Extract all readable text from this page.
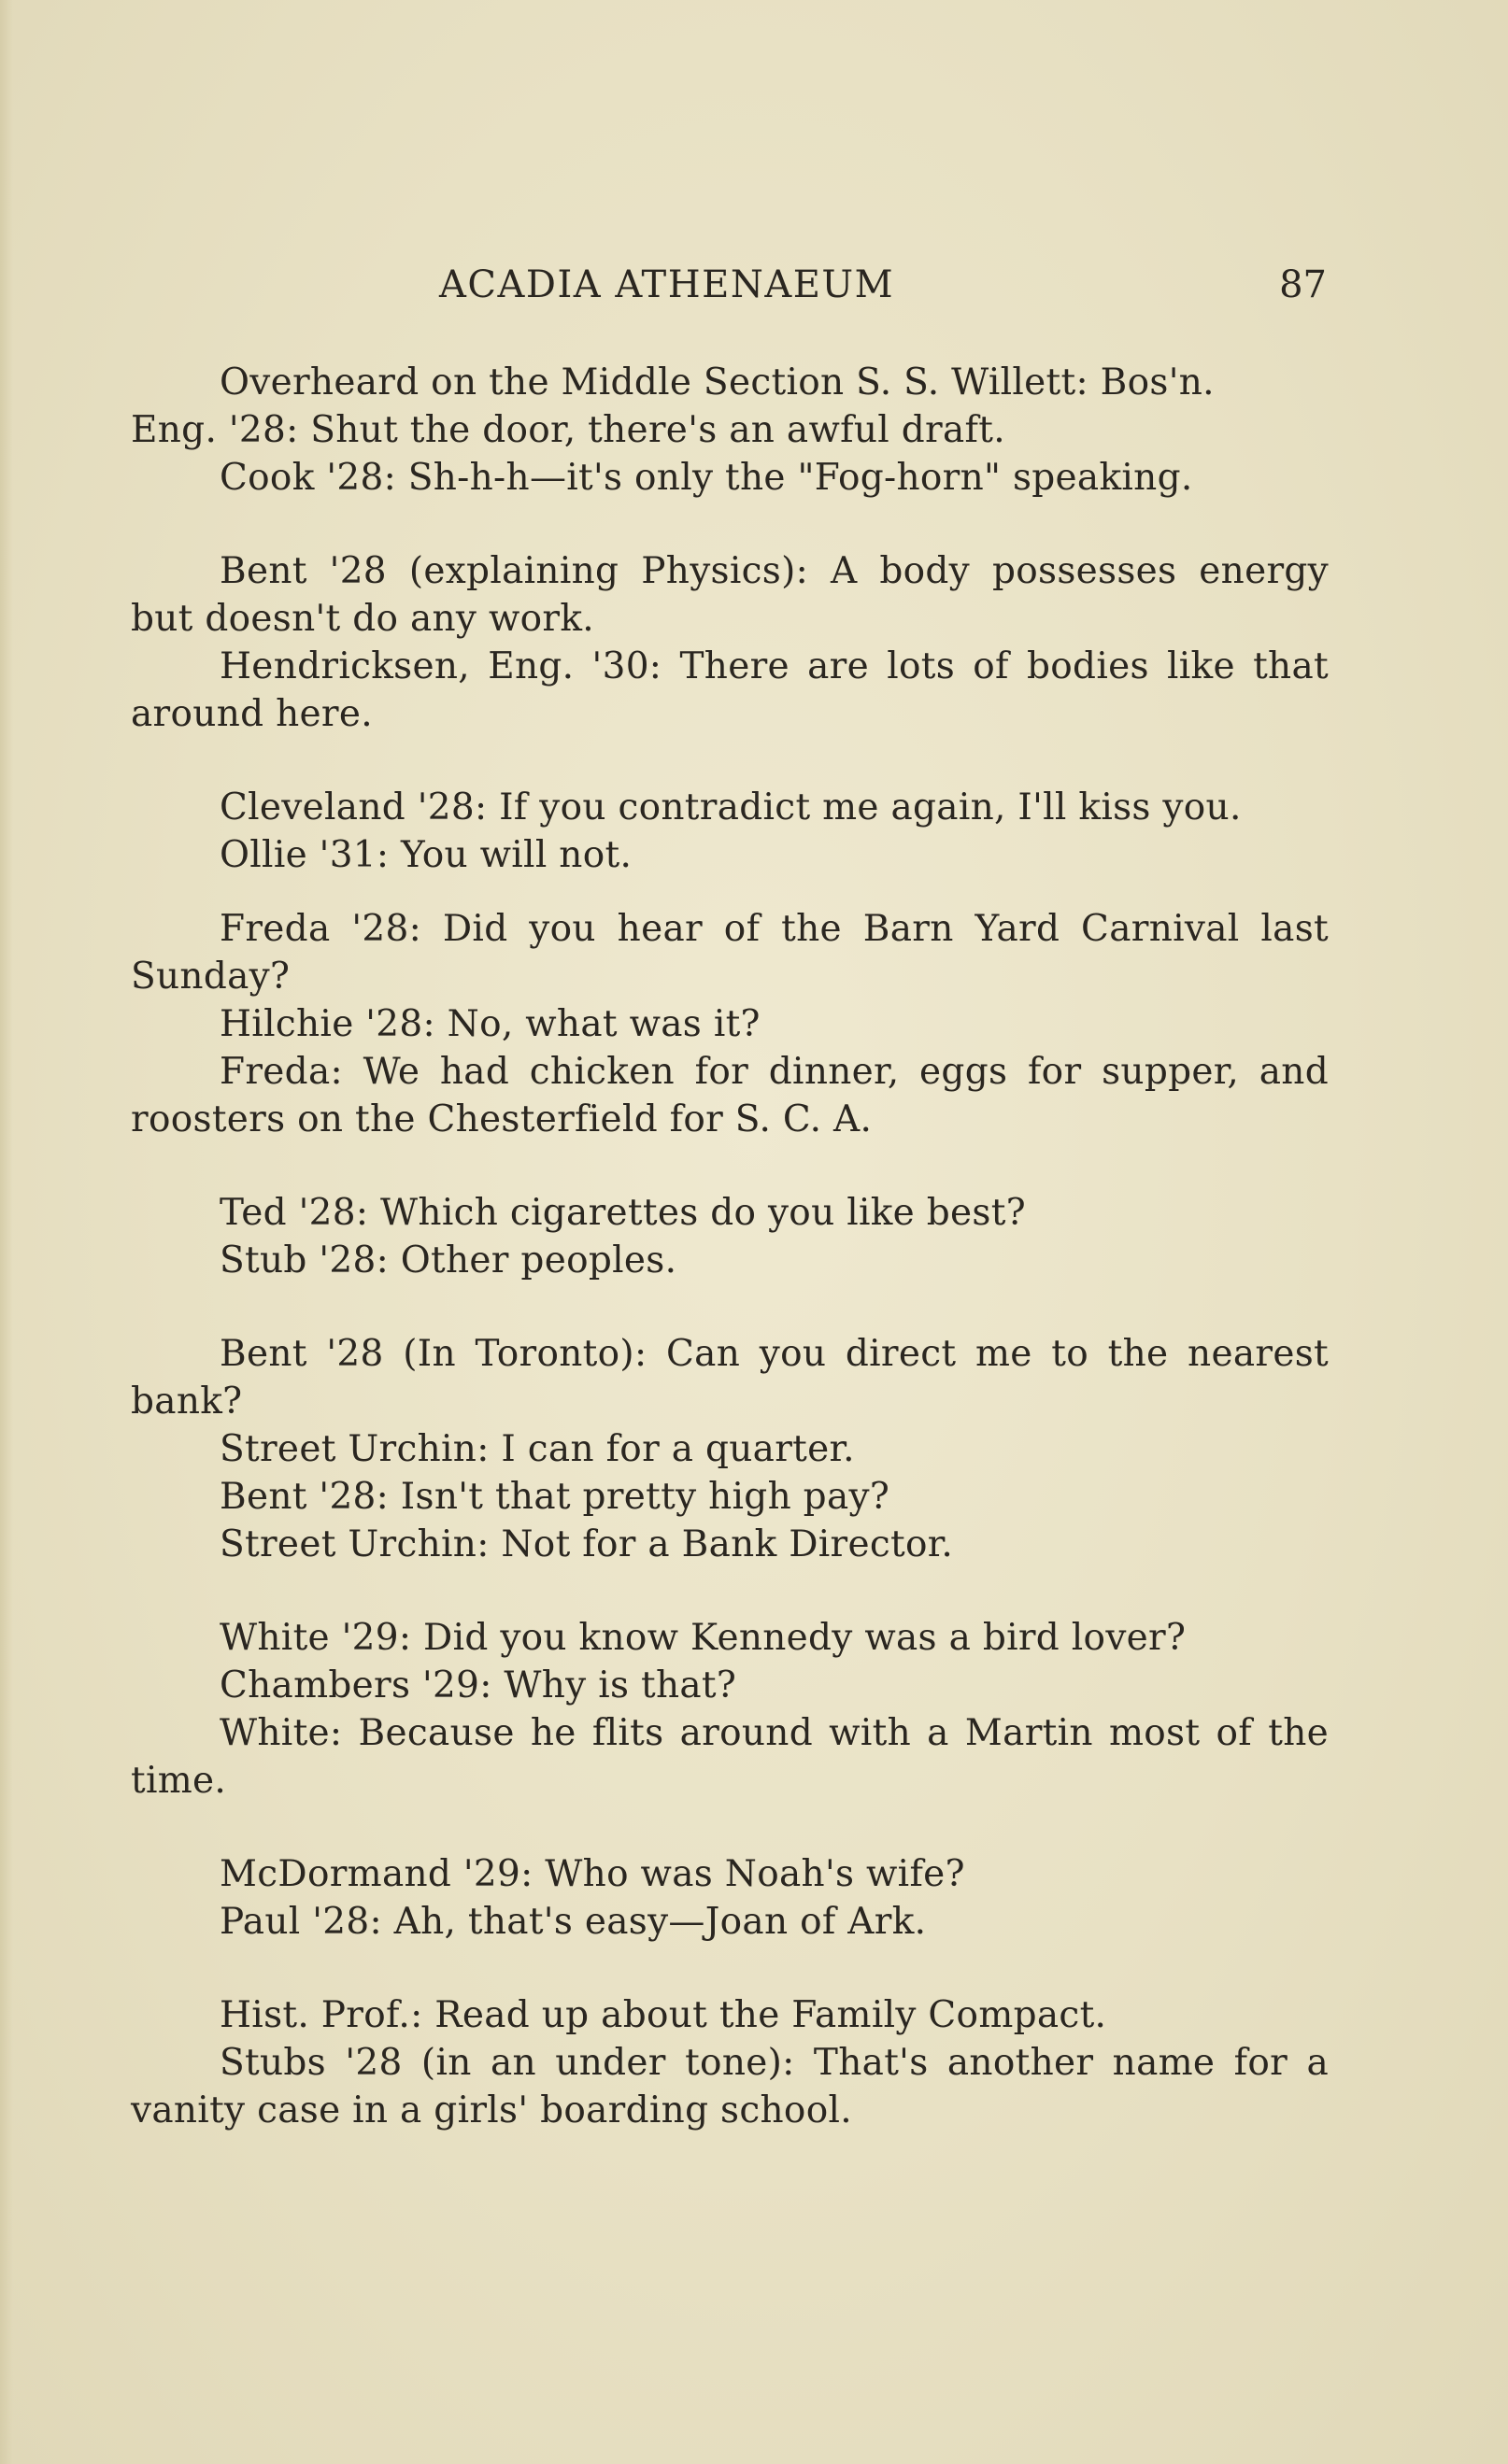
ACADIA ATHENAEUM	87

Overheard on the Middle Section S. S. Willett: Bos'n.

Eng. '28: Shut the door, there's an awful draft.

Cook '28: Sh-h-h—it's only the "Fog-horn" speaking.

Bent '28 (explaining Physics): A body possesses energy but doesn't do any work.

Hendricksen, Eng. '30: There are lots of bodies like that around here.

Cleveland '28: If you contradict me again, I'll kiss you.

Ollie '31: You will not.

Freda '28: Did you hear of the Barn Yard Carnival last Sunday?

Hilchie '28: No, what was it?

Freda: We had chicken for dinner, eggs for supper, and roosters on the Chesterfield for S. C. A.

Ted '28: Which cigarettes do you like best?

Stub '28: Other peoples.

Bent '28 (In Toronto): Can you direct me to the nearest bank?

Street Urchin: I can for a quarter.

Bent '28: Isn't that pretty high pay?

Street Urchin: Not for a Bank Director.

White '29: Did you know Kennedy was a bird lover?

Chambers '29: Why is that?

White: Because he flits around with a Martin most of the time.

McDormand '29: Who was Noah's wife?

Paul '28: Ah, that's easy—Joan of Ark.

Hist. Prof.: Read up about the Family Compact.

Stubs '28 (in an under tone): That's another name for a vanity case in a girls' boarding school.
